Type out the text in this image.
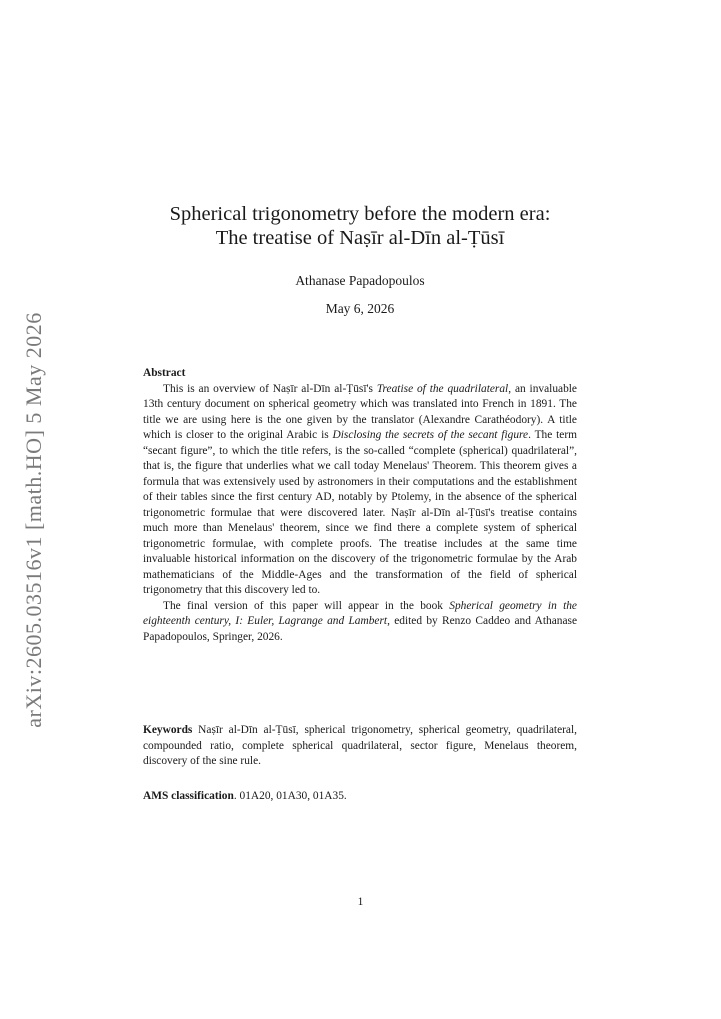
arXiv:2605.03516v1 [math.HO] 5 May 2026
Spherical trigonometry before the modern era:
The treatise of Naṣīr al-Dīn al-Ṭūsī
Athanase Papadopoulos
May 6, 2026
Abstract

This is an overview of Naṣīr al-Dīn al-Ṭūsī's Treatise of the quadrilateral, an invaluable 13th century document on spherical geometry which was translated into French in 1891. The title we are using here is the one given by the translator (Alexandre Carathéodory). A title which is closer to the original Arabic is Disclosing the secrets of the secant figure. The term “secant figure”, to which the title refers, is the so-called “complete (spherical) quadrilateral”, that is, the figure that underlies what we call today Menelaus' Theorem. This theorem gives a formula that was extensively used by astronomers in their computations and the establishment of their tables since the first century AD, notably by Ptolemy, in the absence of the spherical trigonometric formulae that were discovered later. Naṣīr al-Dīn al-Ṭūsī's treatise contains much more than Menelaus' theorem, since we find there a complete system of spherical trigonometric formulae, with complete proofs. The treatise includes at the same time invaluable historical information on the discovery of the trigonometric formulae by the Arab mathematicians of the Middle-Ages and the transformation of the field of spherical trigonometry that this discovery led to.

The final version of this paper will appear in the book Spherical geometry in the eighteenth century, I: Euler, Lagrange and Lambert, edited by Renzo Caddeo and Athanase Papadopoulos, Springer, 2026.

Keywords Naṣīr al-Dīn al-Ṭūsī, spherical trigonometry, spherical geometry, quadrilateral, compounded ratio, complete spherical quadrilateral, sector figure, Menelaus theorem, discovery of the sine rule.
AMS classification. 01A20, 01A30, 01A35.
1
